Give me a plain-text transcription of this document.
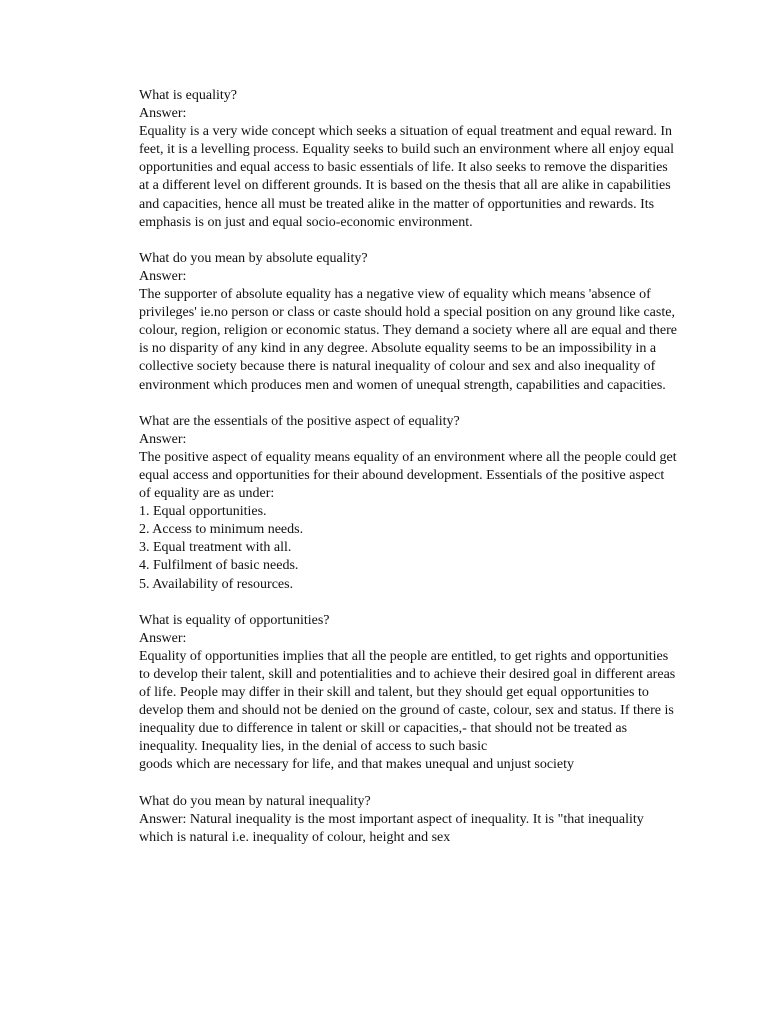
What is equality?
Answer:
Equality is a very wide concept which seeks a situation of equal treatment and equal reward. In feet, it is a levelling process. Equality seeks to build such an environment where all enjoy equal opportunities and equal access to basic essentials of life. It also seeks to remove the disparities at a different level on different grounds. It is based on the thesis that all are alike in capabilities and capacities, hence all must be treated alike in the matter of opportunities and rewards. Its emphasis is on just and equal socio-economic environment.
What do you mean by absolute equality?
Answer:
The supporter of absolute equality has a negative view of equality which means 'absence of privileges' ie.no person or class or caste should hold a special position on any ground like caste, colour, region, religion or economic status. They demand a society where all are equal and there is no disparity of any kind in any degree. Absolute equality seems to be an impossibility in a collective society because there is natural inequality of colour and sex and also inequality of environment which produces men and women of unequal strength, capabilities and capacities.
What are the essentials of the positive aspect of equality?
Answer:
The positive aspect of equality means equality of an environment where all the people could get equal access and opportunities for their abound development. Essentials of the positive aspect of equality are as under:
1. Equal opportunities.
2. Access to minimum needs.
3. Equal treatment with all.
4. Fulfilment of basic needs.
5. Availability of resources.
What is equality of opportunities?
Answer:
Equality of opportunities implies that all the people are entitled, to get rights and opportunities to develop their talent, skill and potentialities and to achieve their desired goal in different areas of life. People may differ in their skill and talent, but they should get equal opportunities to develop them and should not be denied on the ground of caste, colour, sex and status. If there is inequality due to difference in talent or skill or capacities,- that should not be treated as inequality. Inequality lies, in the denial of access to such basic
goods which are necessary for life, and that makes unequal and unjust society
What do you mean by natural inequality?
Answer: Natural inequality is the most important aspect of inequality. It is "that inequality which is natural i.e. inequality of colour, height and sex
